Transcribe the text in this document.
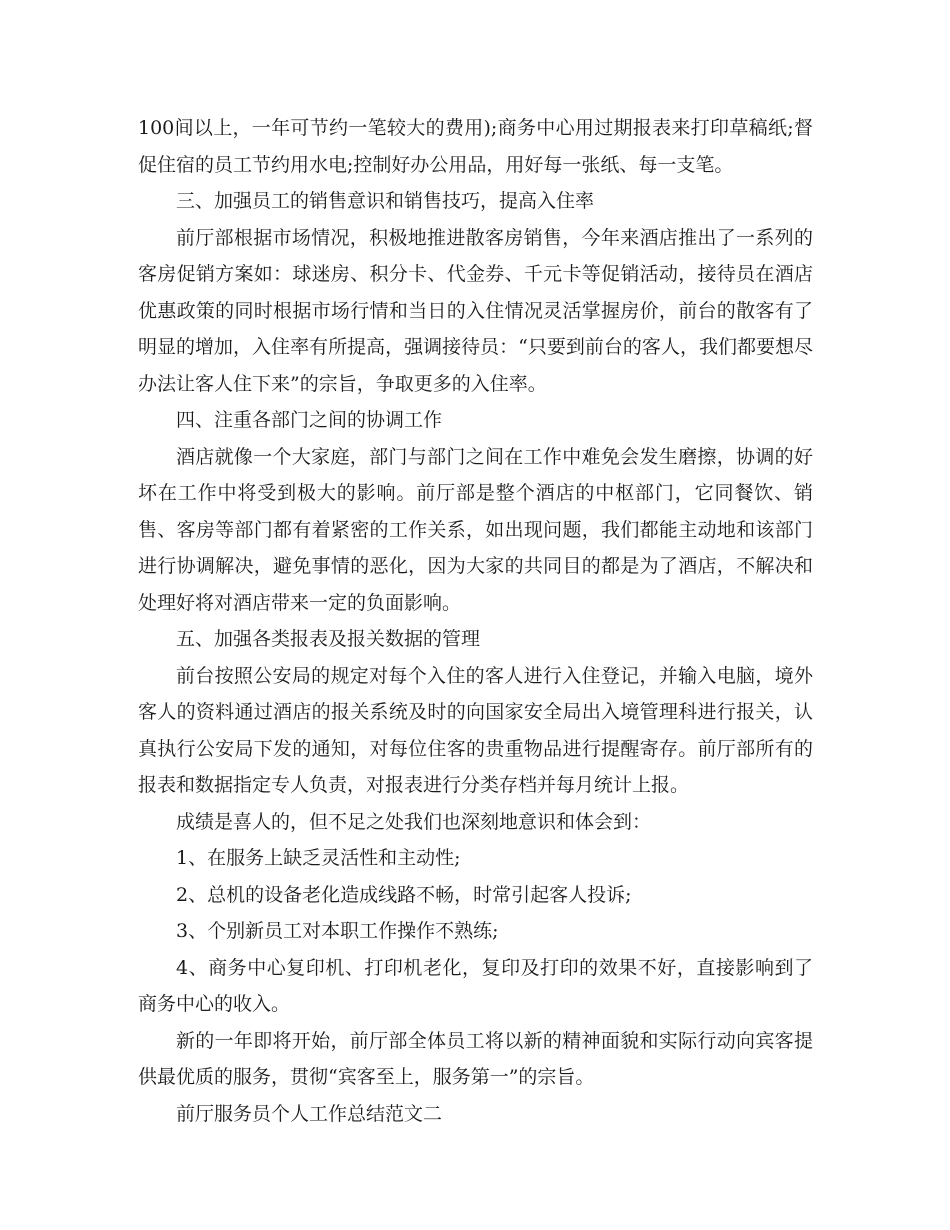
100间以上，一年可节约一笔较大的费用);商务中心用过期报表来打印草稿纸;督促住宿的员工节约用水电;控制好办公用品，用好每一张纸、每一支笔。

三、加强员工的销售意识和销售技巧，提高入住率

前厅部根据市场情况，积极地推进散客房销售，今年来酒店推出了一系列的客房促销方案如：球迷房、积分卡、代金券、千元卡等促销活动，接待员在酒店优惠政策的同时根据市场行情和当日的入住情况灵活掌握房价，前台的散客有了明显的增加，入住率有所提高，强调接待员：“只要到前台的客人，我们都要想尽办法让客人住下来”的宗旨，争取更多的入住率。

四、注重各部门之间的协调工作

酒店就像一个大家庭，部门与部门之间在工作中难免会发生磨擦，协调的好坏在工作中将受到极大的影响。前厅部是整个酒店的中枢部门，它同餐饮、销售、客房等部门都有着紧密的工作关系，如出现问题，我们都能主动地和该部门进行协调解决，避免事情的恶化，因为大家的共同目的都是为了酒店，不解决和处理好将对酒店带来一定的负面影响。

五、加强各类报表及报关数据的管理

前台按照公安局的规定对每个入住的客人进行入住登记，并输入电脑，境外客人的资料通过酒店的报关系统及时的向国家安全局出入境管理科进行报关，认真执行公安局下发的通知，对每位住客的贵重物品进行提醒寄存。前厅部所有的报表和数据指定专人负责，对报表进行分类存档并每月统计上报。

成绩是喜人的，但不足之处我们也深刻地意识和体会到：

1、在服务上缺乏灵活性和主动性;

2、总机的设备老化造成线路不畅，时常引起客人投诉;

3、个别新员工对本职工作操作不熟练;

4、商务中心复印机、打印机老化，复印及打印的效果不好，直接影响到了商务中心的收入。

新的一年即将开始，前厅部全体员工将以新的精神面貌和实际行动向宾客提供最优质的服务，贯彻“宾客至上，服务第一”的宗旨。

前厅服务员个人工作总结范文二
